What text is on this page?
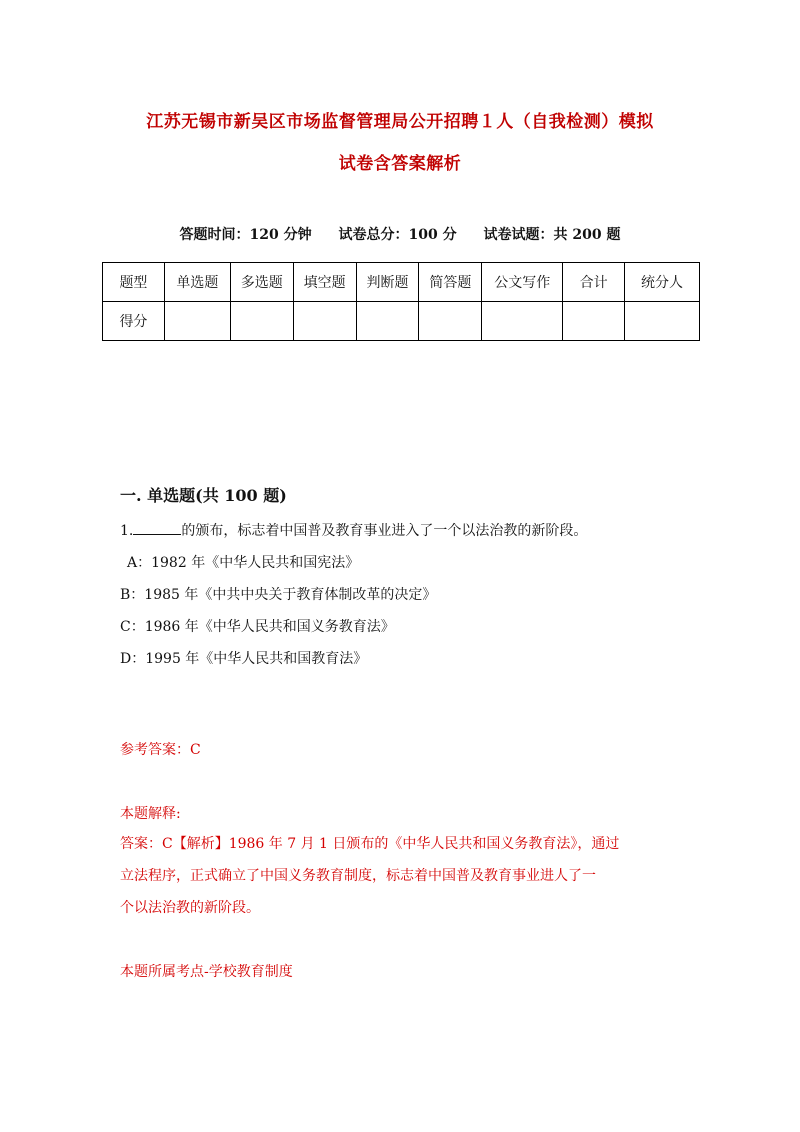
江苏无锡市新吴区市场监督管理局公开招聘１人（自我检测）模拟
试卷含答案解析
答题时间：120 分钟 试卷总分：100 分 试卷试题：共 200 题
题型	单选题	多选题	填空题	判断题	简答题	公文写作	合计	统分人
得分								
一. 单选题(共 100 题)
1.	的颁布，标志着中国普及教育事业进入了一个以法治教的新阶段。
A：1982 年《中华人民共和国宪法》
B：1985 年《中共中央关于教育体制改革的决定》
C：1986 年《中华人民共和国义务教育法》
D：1995 年《中华人民共和国教育法》
参考答案：C
本题解释:
答案：C【解析】1986 年 7 月 1 日颁布的《中华人民共和国义务教育法》，通过
立法程序，正式确立了中国义务教育制度，标志着中国普及教育事业进人了一
个以法治教的新阶段。
本题所属考点-学校教育制度
